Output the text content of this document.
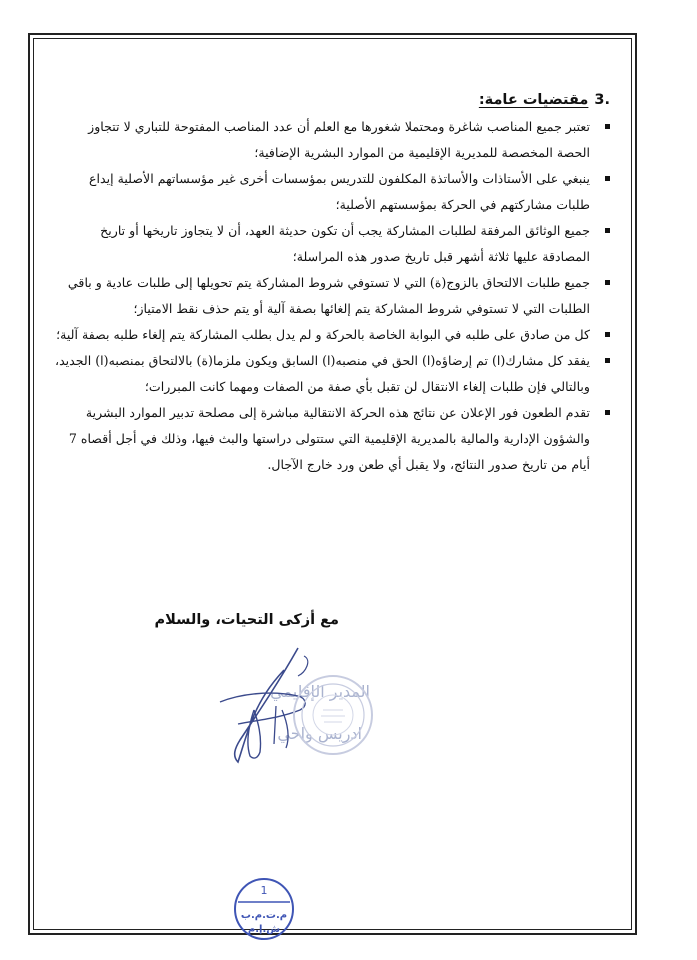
3.
مقتضيات عامة:
تعتبر جميع المناصب شاغرة ومحتملا شغورها مع العلم أن عدد المناصب المفتوحة للتباري لا تتجاوز الحصة المخصصة للمديرية الإقليمية من الموارد البشرية الإضافية؛
ينبغي على الأستاذات والأساتذة المكلفون للتدريس بمؤسسات أخرى غير مؤسساتهم الأصلية إيداع طلبات مشاركتهم في الحركة بمؤسستهم الأصلية؛
جميع الوثائق المرفقة لطلبات المشاركة يجب أن تكون حديثة العهد، أن لا يتجاوز تاريخها أو تاريخ المصادقة عليها ثلاثة أشهر قبل تاريخ صدور هذه المراسلة؛
جميع طلبات الالتحاق بالزوج(ة) التي لا تستوفي شروط المشاركة يتم تحويلها إلى طلبات عادية و باقي الطلبات التي لا تستوفي شروط المشاركة يتم إلغائها بصفة آلية أو يتم حذف نقط الامتياز؛
كل من صادق على طلبه في البوابة الخاصة بالحركة و لم يدل بطلب المشاركة يتم إلغاء طلبه بصفة آلية؛
يفقد كل مشارك(ا) تم إرضاؤه(ا) الحق في منصبه(ا) السابق ويكون ملزما(ة) بالالتحاق بمنصبه(ا) الجديد، وبالتالي فإن طلبات إلغاء الانتقال لن تقبل بأي صفة من الصفات ومهما كانت المبررات؛
تقدم الطعون فور الإعلان عن نتائج هذه الحركة الانتقالية مباشرة إلى مصلحة تدبير الموارد البشرية والشؤون الإدارية والمالية بالمديرية الإقليمية التي ستتولى دراستها والبث فيها، وذلك في أجل أقصاه 7 أيام من تاريخ صدور النتائج، ولا يقبل أي طعن ورد خارج الآجال.
مع أزكى التحيات، والسلام
المدير الإقليمي
ادريس واحي
1
م.ت.م.ب
ش.إ.م
